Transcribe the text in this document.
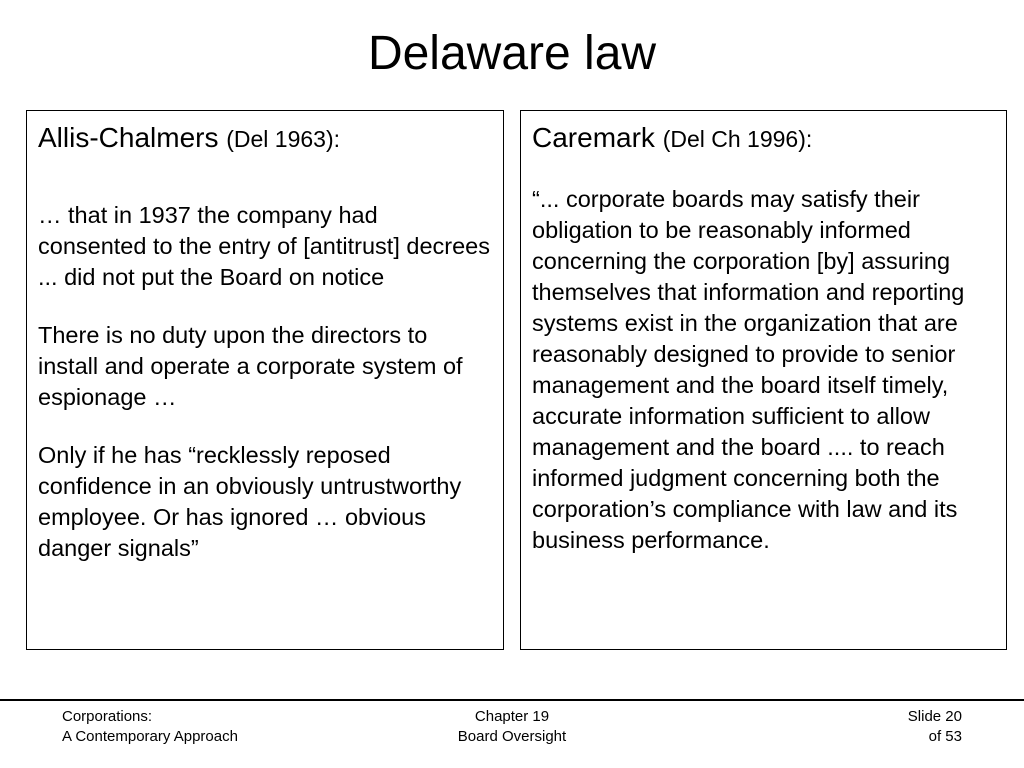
Delaware law
Allis-Chalmers (Del 1963):

… that in 1937 the company had consented to the entry of [antitrust] decrees ... did not put the Board on notice

There is no duty upon the directors to install and operate a corporate system of espionage …

Only if he has “recklessly reposed confidence in an obviously untrustworthy employee. Or has ignored … obvious danger signals”

Caremark (Del Ch 1996):

“... corporate boards may satisfy their obligation to be reasonably informed concerning the corporation [by] assuring themselves that information and reporting systems exist in the organization that are reasonably designed to provide to senior management and the board itself timely, accurate information sufficient to allow management and the board .... to reach informed judgment concerning both the corporation’s compliance with law and its business performance.

Corporations:
A Contemporary Approach
Chapter 19
Board Oversight
Slide 20
of 53
